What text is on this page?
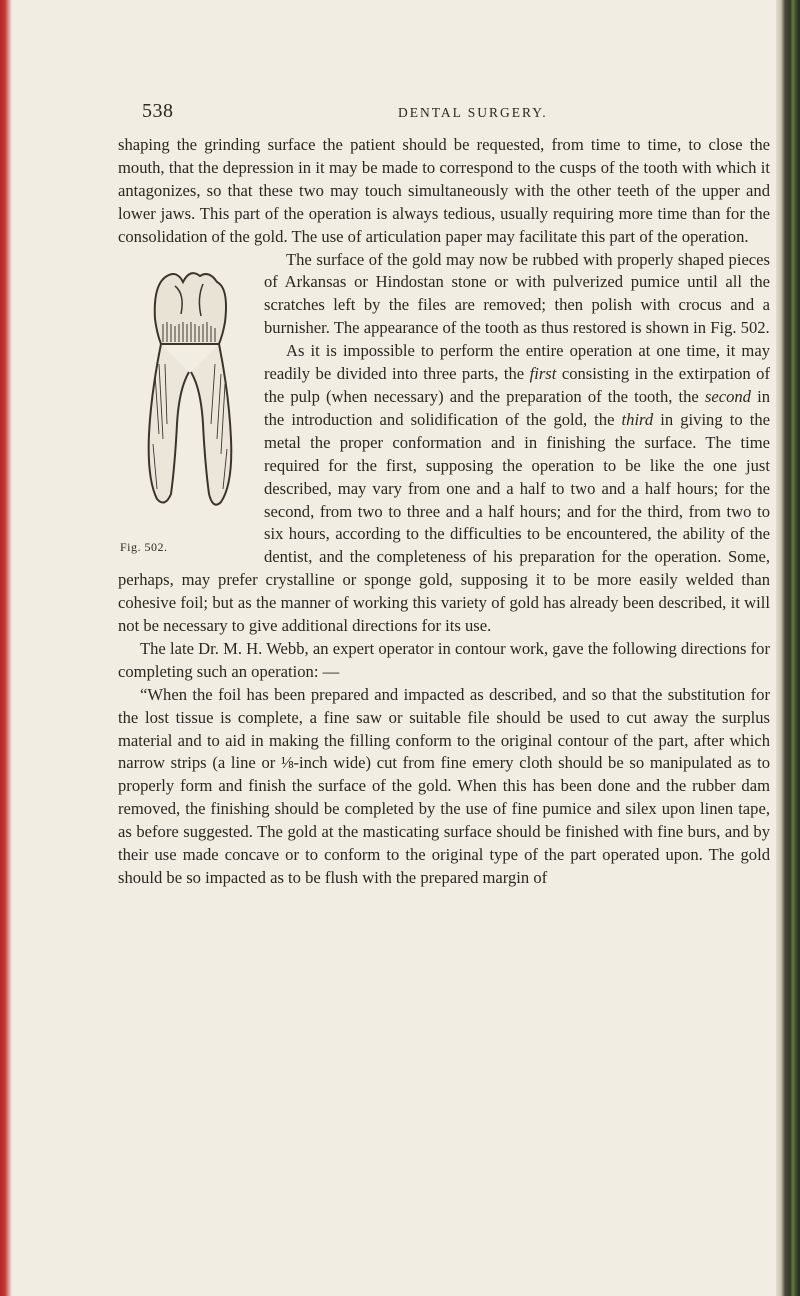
538	DENTAL SURGERY.

shaping the grinding surface the patient should be requested, from time to time, to close the mouth, that the depression in it may be made to correspond to the cusps of the tooth with which it antagonizes, so that these two may touch simultaneously with the other teeth of the upper and lower jaws. This part of the operation is always tedious, usually requiring more time than for the consolidation of the gold. The use of articulation paper may facilitate this part of the operation.

Fig. 502.

The surface of the gold may now be rubbed with properly shaped pieces of Arkansas or Hindostan stone or with pulverized pumice until all the scratches left by the files are removed; then polish with crocus and a burnisher. The appearance of the tooth as thus restored is shown in Fig. 502.

As it is impossible to perform the entire operation at one time, it may readily be divided into three parts, the first consisting in the extirpation of the pulp (when necessary) and the preparation of the tooth, the second in the introduction and solidification of the gold, the third in giving to the metal the proper conformation and in finishing the surface. The time required for the first, supposing the operation to be like the one just described, may vary from one and a half to two and a half hours; for the second, from two to three and a half hours; and for the third, from two to six hours, according to the difficulties to be encountered, the ability of the dentist, and the completeness of his preparation for the operation. Some, perhaps, may prefer crystalline or sponge gold, supposing it to be more easily welded than cohesive foil; but as the manner of working this variety of gold has already been described, it will not be necessary to give additional directions for its use.

The late Dr. M. H. Webb, an expert operator in contour work, gave the following directions for completing such an operation: —

“When the foil has been prepared and impacted as described, and so that the substitution for the lost tissue is complete, a fine saw or suitable file should be used to cut away the surplus material and to aid in making the filling conform to the original contour of the part, after which narrow strips (a line or ⅛-inch wide) cut from fine emery cloth should be so manipulated as to properly form and finish the surface of the gold. When this has been done and the rubber dam removed, the finishing should be completed by the use of fine pumice and silex upon linen tape, as before suggested. The gold at the masticating surface should be finished with fine burs, and by their use made concave or to conform to the original type of the part operated upon. The gold should be so impacted as to be flush with the prepared margin of
